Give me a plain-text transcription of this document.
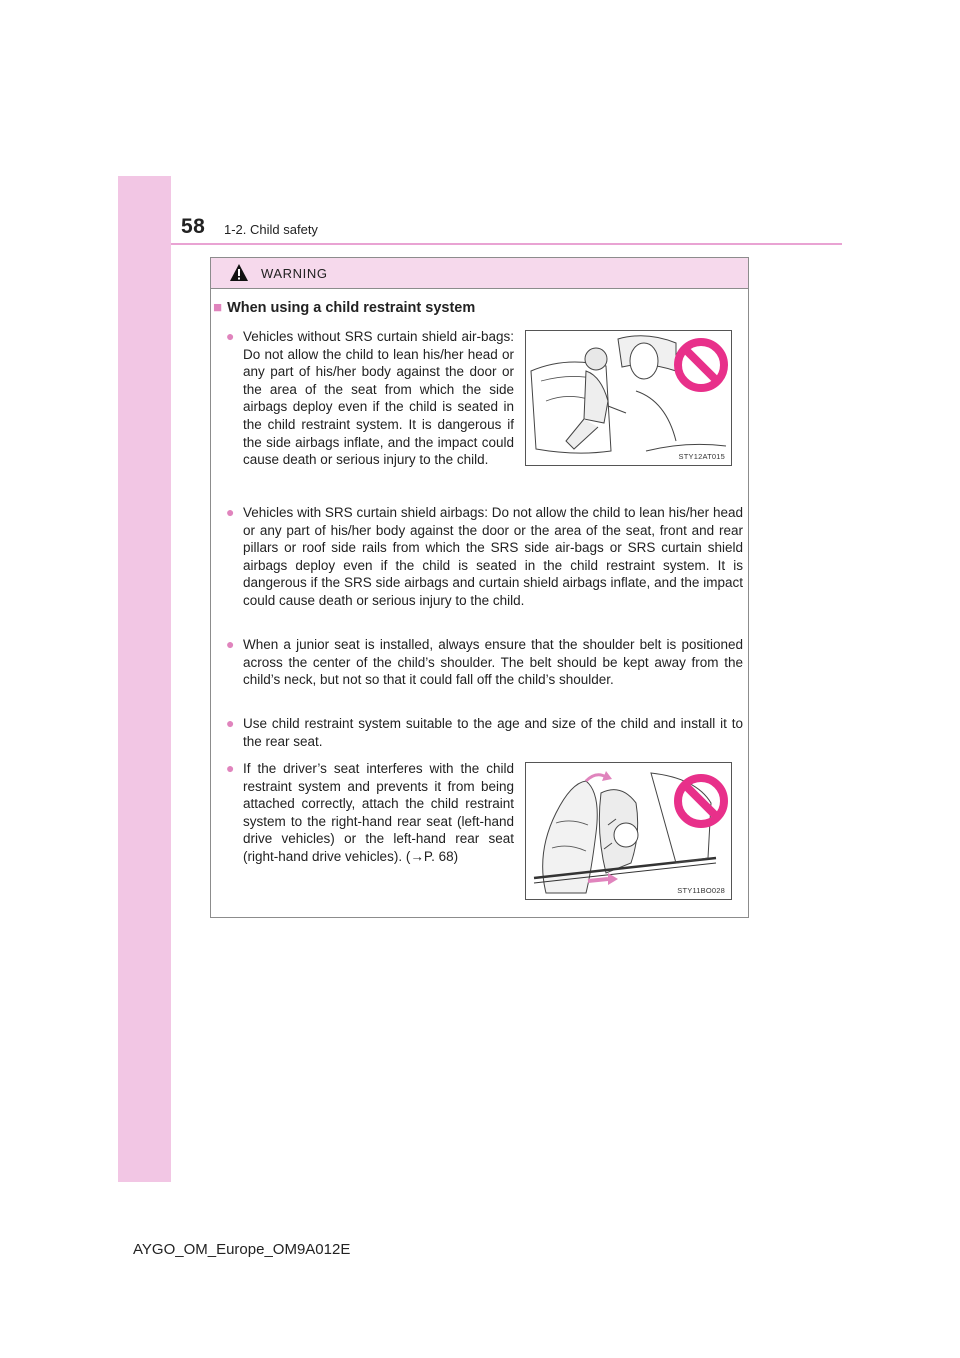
58 1-2. Child safety
WARNING
■ When using a child restraint system
● Vehicles without SRS curtain shield air-bags: Do not allow the child to lean his/her head or any part of his/her body against the door or the area of the seat from which the side airbags deploy even if the child is seated in the child restraint system. It is dangerous if the side airbags inflate, and the impact could cause death or serious injury to the child.	STY12AT015
● Vehicles with SRS curtain shield airbags: Do not allow the child to lean his/her head or any part of his/her body against the door or the area of the seat, front and rear pillars or roof side rails from which the SRS side air-bags or SRS curtain shield airbags deploy even if the child is seated in the child restraint system. It is dangerous if the SRS side airbags and curtain shield airbags inflate, and the impact could cause death or serious injury to the child.
● When a junior seat is installed, always ensure that the shoulder belt is positioned across the center of the child’s shoulder. The belt should be kept away from the child’s neck, but not so that it could fall off the child’s shoulder.
● Use child restraint system suitable to the age and size of the child and install it to the rear seat.
● If the driver’s seat interferes with the child restraint system and prevents it from being attached correctly, attach the child restraint system to the right-hand rear seat (left-hand drive vehicles) or the left-hand rear seat (right-hand drive vehicles). (→P. 68)
STY11BO028
AYGO_OM_Europe_OM9A012E
